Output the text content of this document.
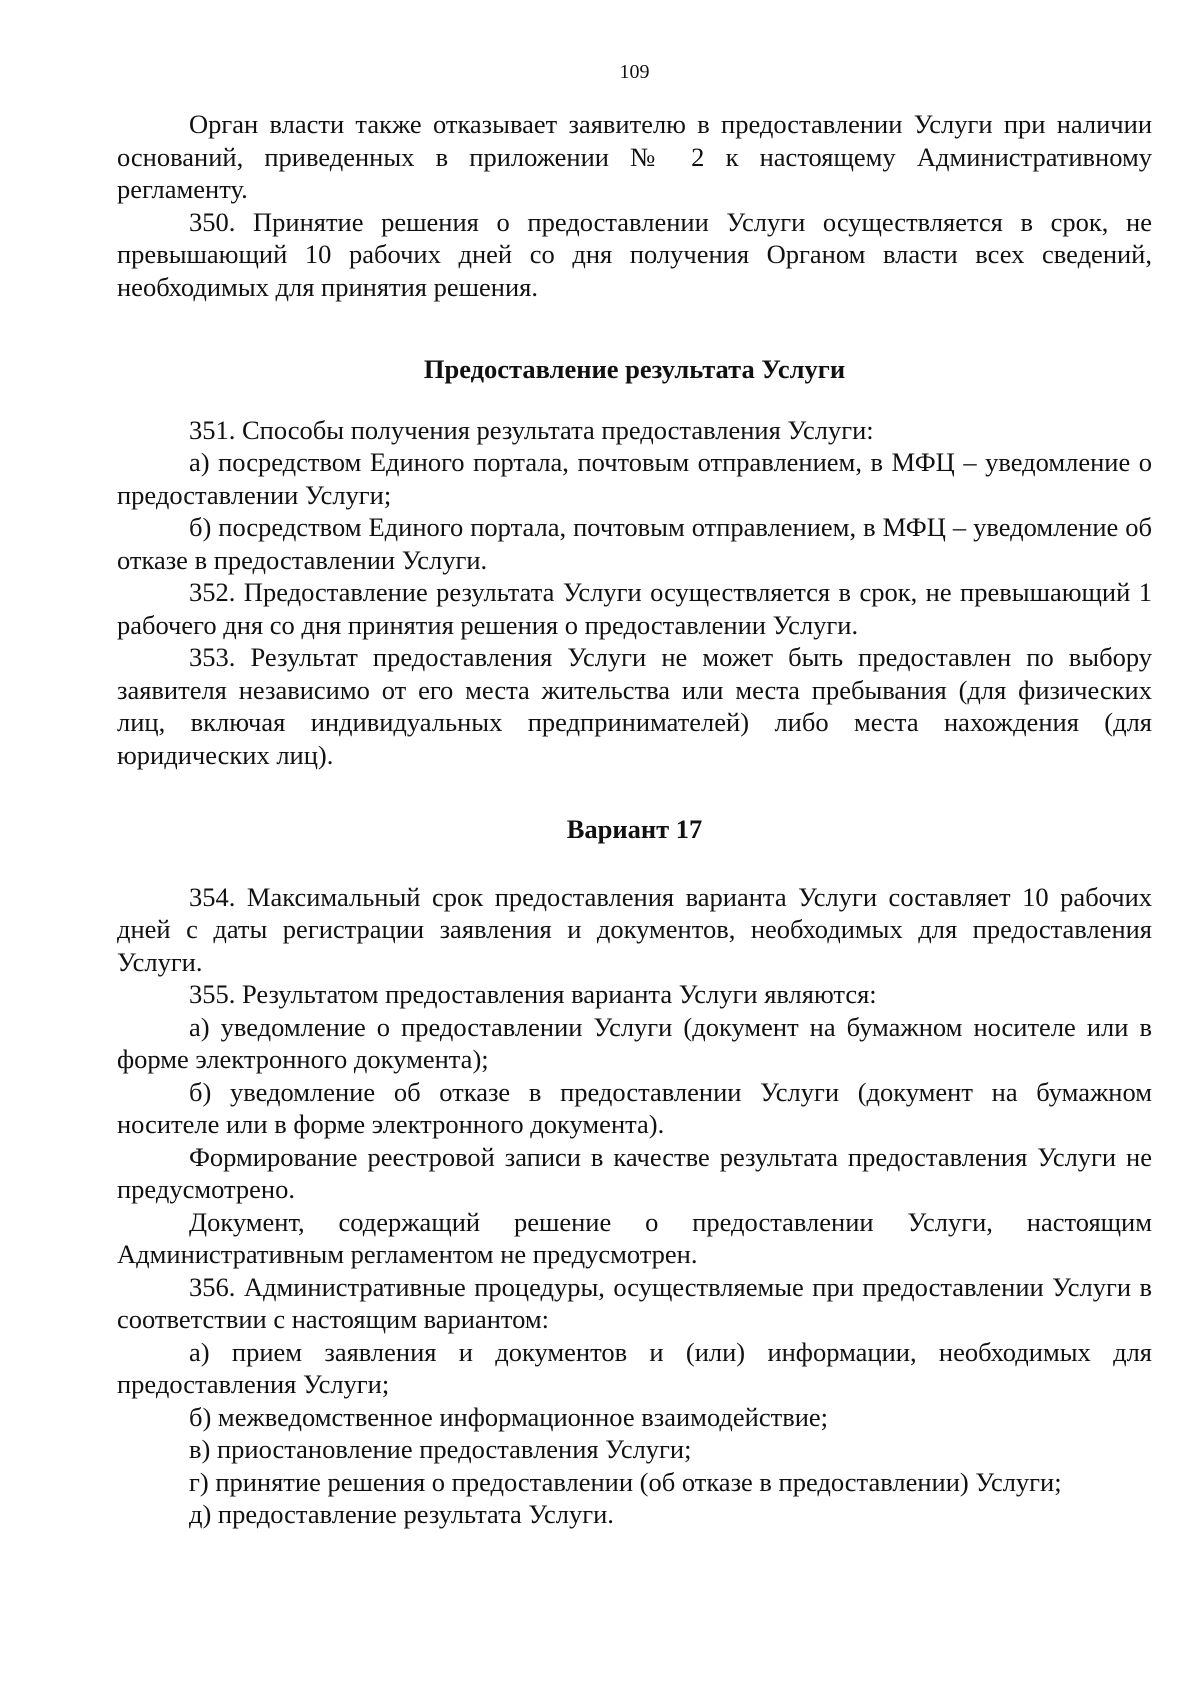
109

Орган власти также отказывает заявителю в предоставлении Услуги при наличии оснований, приведенных в приложении № 2 к настоящему Административному регламенту.

350. Принятие решения о предоставлении Услуги осуществляется в срок, не превышающий 10 рабочих дней со дня получения Органом власти всех сведений, необходимых для принятия решения.

Предоставление результата Услуги

351. Способы получения результата предоставления Услуги:

а) посредством Единого портала, почтовым отправлением, в МФЦ – уведомление о предоставлении Услуги;

б) посредством Единого портала, почтовым отправлением, в МФЦ – уведомление об отказе в предоставлении Услуги.

352. Предоставление результата Услуги осуществляется в срок, не превышающий 1 рабочего дня со дня принятия решения о предоставлении Услуги.

353. Результат предоставления Услуги не может быть предоставлен по выбору заявителя независимо от его места жительства или места пребывания (для физических лиц, включая индивидуальных предпринимателей) либо места нахождения (для юридических лиц).

Вариант 17

354. Максимальный срок предоставления варианта Услуги составляет 10 рабочих дней с даты регистрации заявления и документов, необходимых для предоставления Услуги.

355. Результатом предоставления варианта Услуги являются:

а) уведомление о предоставлении Услуги (документ на бумажном носителе или в форме электронного документа);

б) уведомление об отказе в предоставлении Услуги (документ на бумажном носителе или в форме электронного документа).

Формирование реестровой записи в качестве результата предоставления Услуги не предусмотрено.

Документ, содержащий решение о предоставлении Услуги, настоящим Административным регламентом не предусмотрен.

356. Административные процедуры, осуществляемые при предоставлении Услуги в соответствии с настоящим вариантом:

а) прием заявления и документов и (или) информации, необходимых для предоставления Услуги;

б) межведомственное информационное взаимодействие;

в) приостановление предоставления Услуги;

г) принятие решения о предоставлении (об отказе в предоставлении) Услуги;

д) предоставление результата Услуги.
